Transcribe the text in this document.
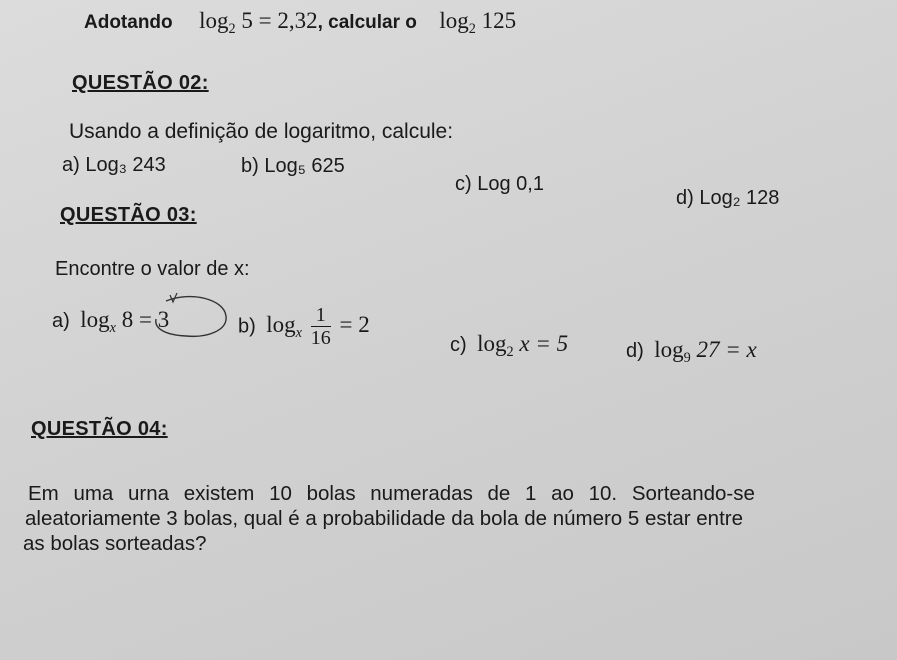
Adotando $\log_2 5 = 2,32$, calcular o $\log_2 125$
QUESTÃO 02:
Usando a definição de logaritmo, calcule:
a) Log₃ 243	b) Log₅ 625
c) Log 0,1
d) Log₂ 128
QUESTÃO 03:
Encontre o valor de x:
a) $\log_x 8 = 3$	b) $\log_x \frac{1}{16} = 2$
c) $\log_2 x = 5$	d) $\log_9 27 = x$
QUESTÃO 04:
Em uma urna existem 10 bolas numeradas de 1 ao 10. Sorteando-se
aleatoriamente 3 bolas, qual é a probabilidade da bola de número 5 estar entre
as bolas sorteadas?
